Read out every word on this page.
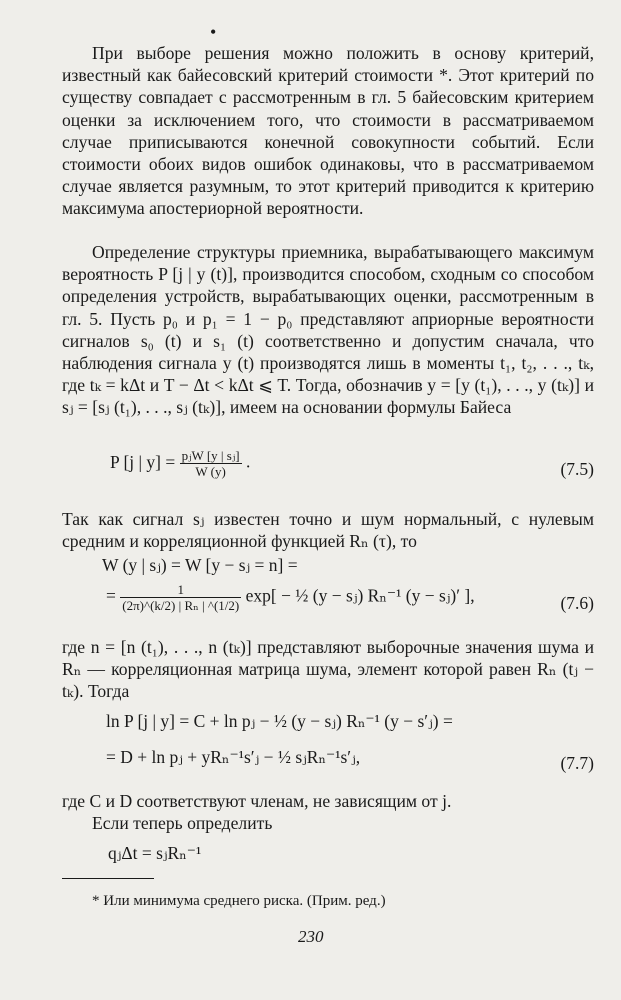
•

При выборе решения можно положить в основу критерий, известный как байесовский критерий стоимости *. Этот критерий по существу совпадает с рассмотренным в гл. 5 байесовским критерием оценки за исключением того, что стоимости в рассматриваемом случае приписываются конечной совокупности событий. Если стоимости обоих видов ошибок одинаковы, что в рассматриваемом случае является разумным, то этот критерий приводится к критерию максимума апостериорной вероятности.

Определение структуры приемника, вырабатывающего максимум вероятность P [j | y (t)], производится способом, сходным со способом определения устройств, вырабатывающих оценки, рассмотренным в гл. 5. Пусть p₀ и p₁ = 1 − p₀ представляют априорные вероятности сигналов s₀ (t) и s₁ (t) соответственно и допустим сначала, что наблюдения сигнала y (t) производятся лишь в моменты t₁, t₂, . . ., tₖ, где tₖ = kΔt и T − Δt < kΔt ⩽ T. Тогда, обозначив y = [y (t₁), . . ., y (tₖ)] и sⱼ = [sⱼ (t₁), . . ., sⱼ (tₖ)], имеем на основании формулы Байеса

P [j | $y] = \frac{\text{pⱼW [y | sⱼ]}}{W (y)}$ .	(7.5)

Так как сигнал sⱼ известен точно и шум нормальный, с нулевым средним и корреляционной функцией Rₙ (τ), то

W (y | sⱼ) = W [y − sⱼ = n] =
= $\frac{1}{\text{(2π)\textasciicircum{}(k/2) | Rₙ | \textasciicircum{}(1/2)}} \exp$[ − ½ (y − sⱼ) Rₙ⁻¹ (y − sⱼ)′ ],	(7.6)

где n = [n (t₁), . . ., n (tₖ)] представляют выборочные значения шума и Rₙ — корреляционная матрица шума, элемент которой равен Rₙ (tⱼ − tₖ). Тогда

ln P [j | y] = C + ln pⱼ − ½ (y − sⱼ) Rₙ⁻¹ (y − s′ⱼ) =
= D + ln pⱼ + yRₙ⁻¹s′ⱼ − ½ sⱼRₙ⁻¹s′ⱼ,	(7.7)

где C и D соответствуют членам, не зависящим от j.

Если теперь определить

qⱼΔt = sⱼRₙ⁻¹
* Или минимума среднего риска. (Прим. ред.)
230
